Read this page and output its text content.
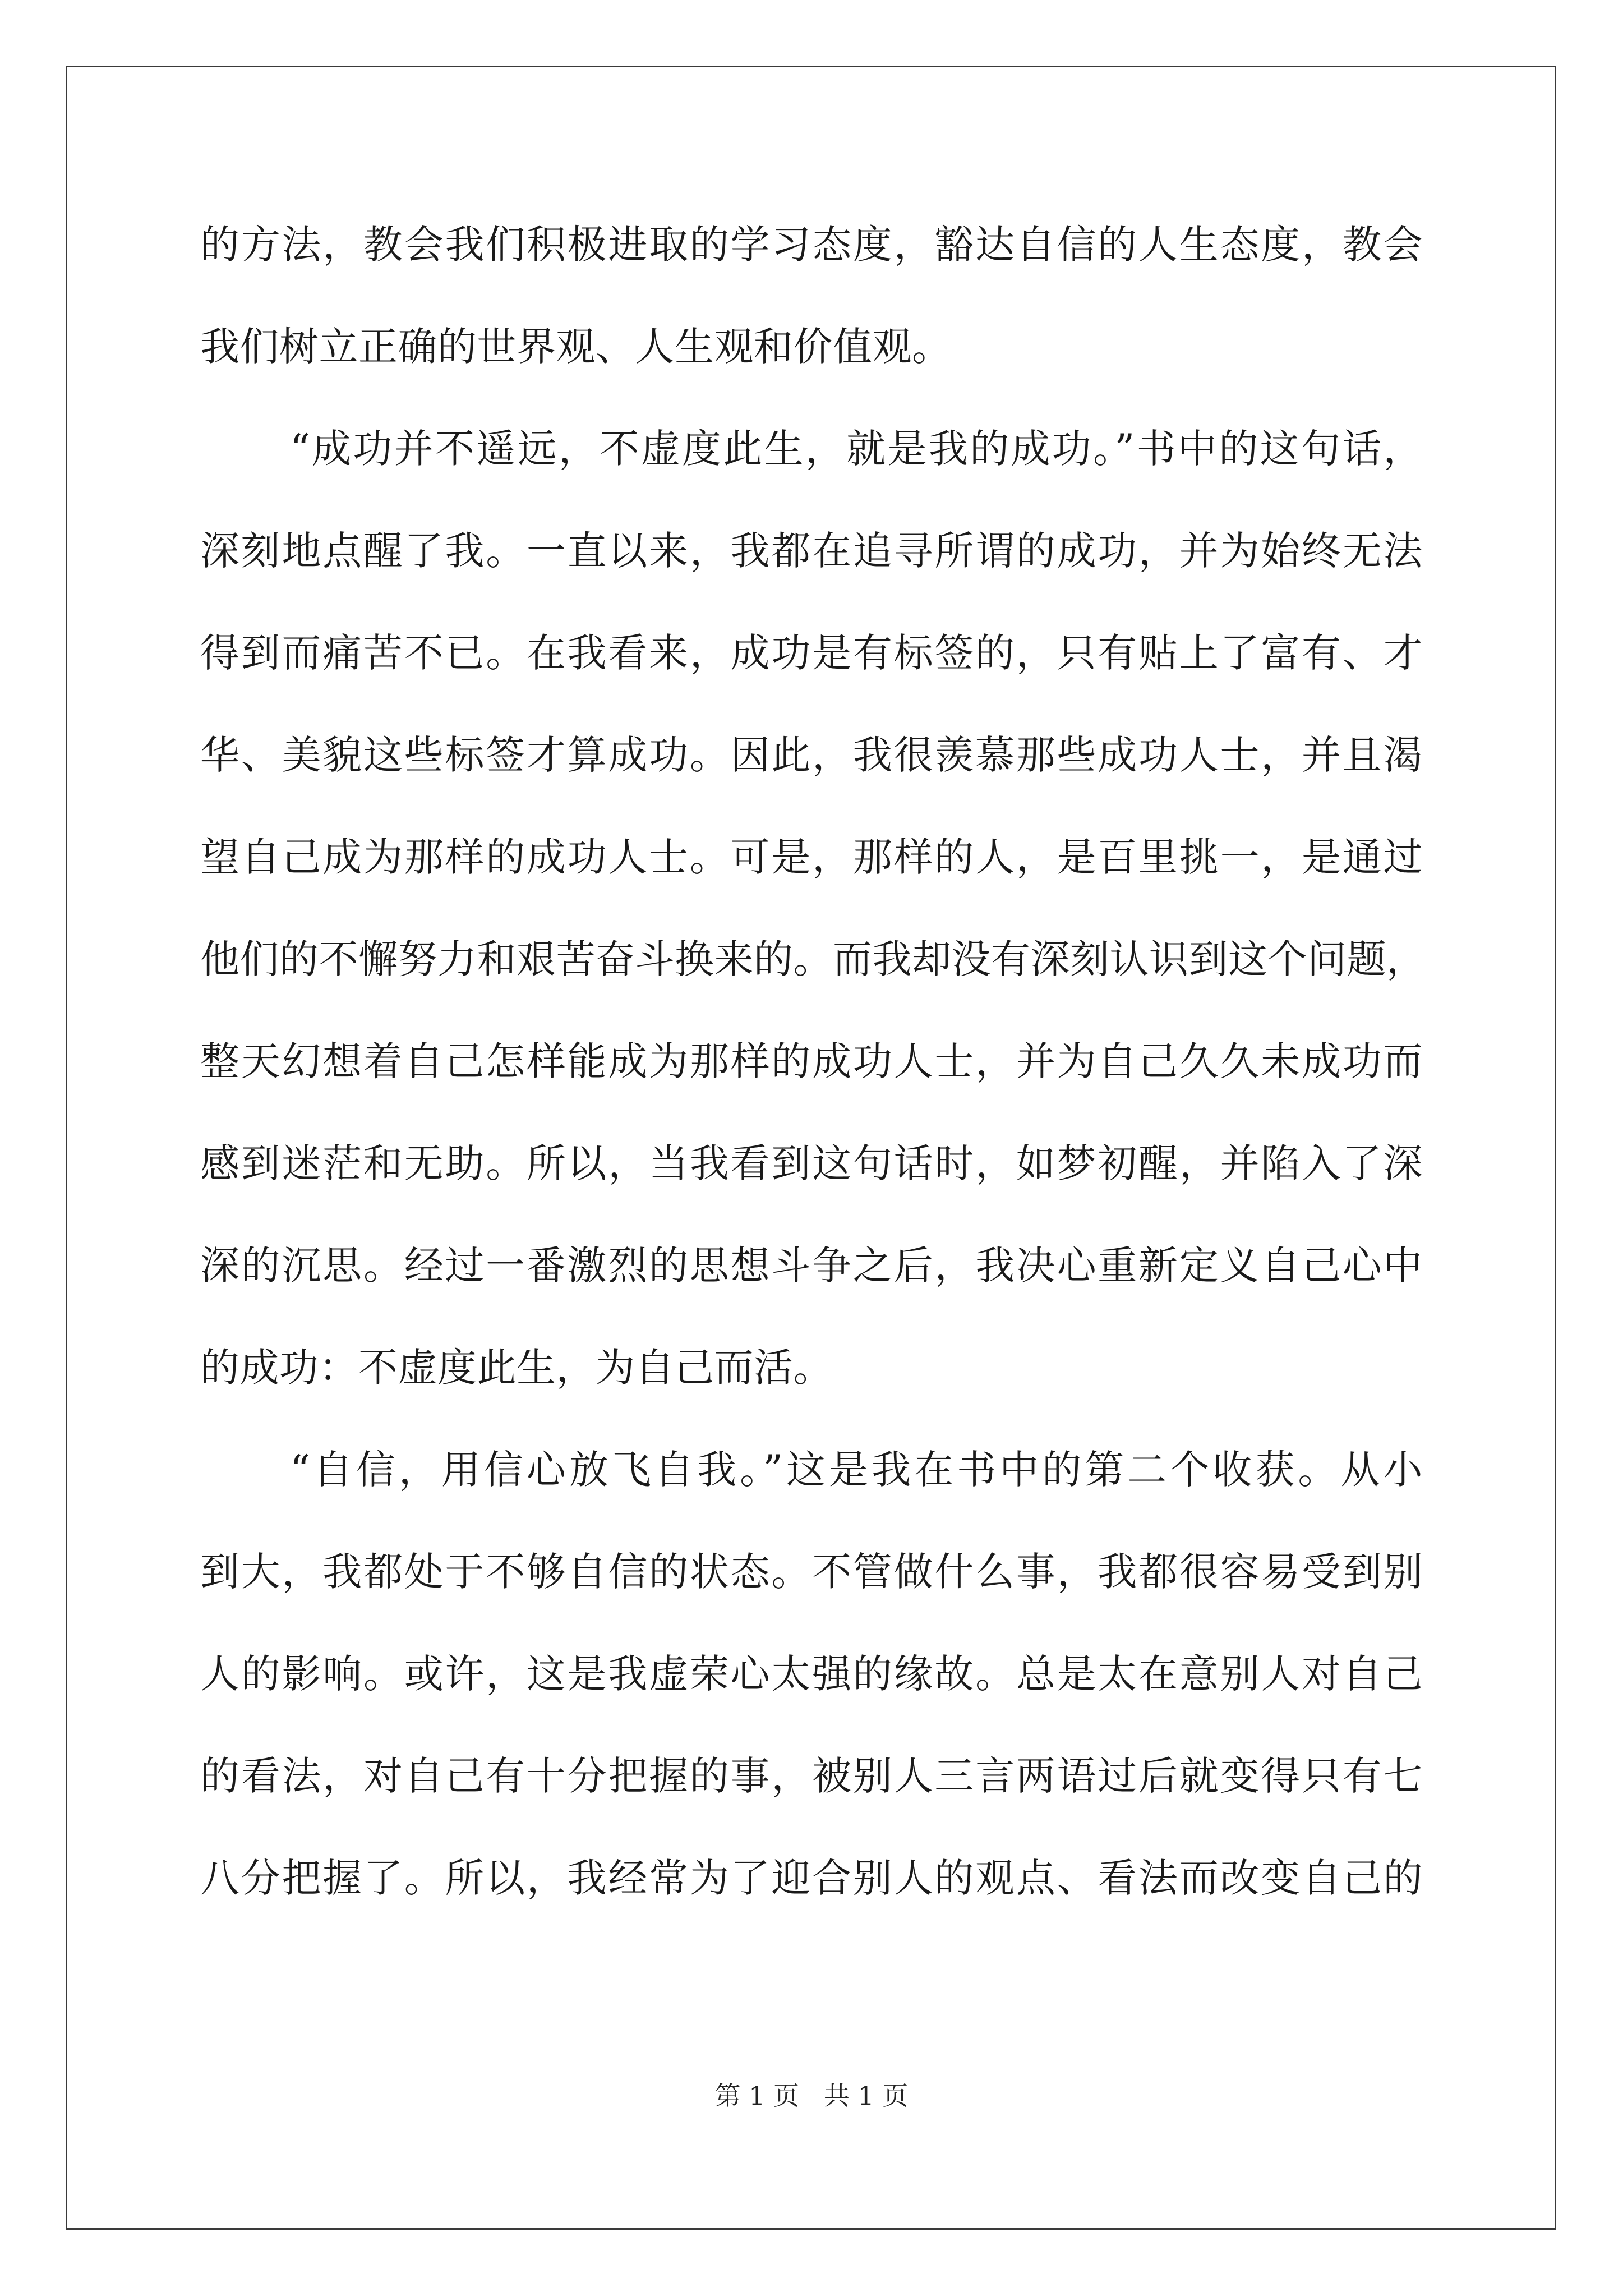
的方法，教会我们积极进取的学习态度，豁达自信的人生态度，教会
我们树立正确的世界观、人生观和价值观。
“成功并不遥远，不虚度此生，就是我的成功。”书中的这句话，
深刻地点醒了我。一直以来，我都在追寻所谓的成功，并为始终无法
得到而痛苦不已。在我看来，成功是有标签的，只有贴上了富有、才
华、美貌这些标签才算成功。因此，我很羡慕那些成功人士，并且渴
望自己成为那样的成功人士。可是，那样的人，是百里挑一，是通过
他们的不懈努力和艰苦奋斗换来的。而我却没有深刻认识到这个问题，
整天幻想着自己怎样能成为那样的成功人士，并为自己久久未成功而
感到迷茫和无助。所以，当我看到这句话时，如梦初醒，并陷入了深
深的沉思。经过一番激烈的思想斗争之后，我决心重新定义自己心中
的成功：不虚度此生，为自己而活。
“自信，用信心放飞自我。”这是我在书中的第二个收获。从小
到大，我都处于不够自信的状态。不管做什么事，我都很容易受到别
人的影响。或许，这是我虚荣心太强的缘故。总是太在意别人对自己
的看法，对自己有十分把握的事，被别人三言两语过后就变得只有七
八分把握了。所以，我经常为了迎合别人的观点、看法而改变自己的
第 1 页   共 1 页
